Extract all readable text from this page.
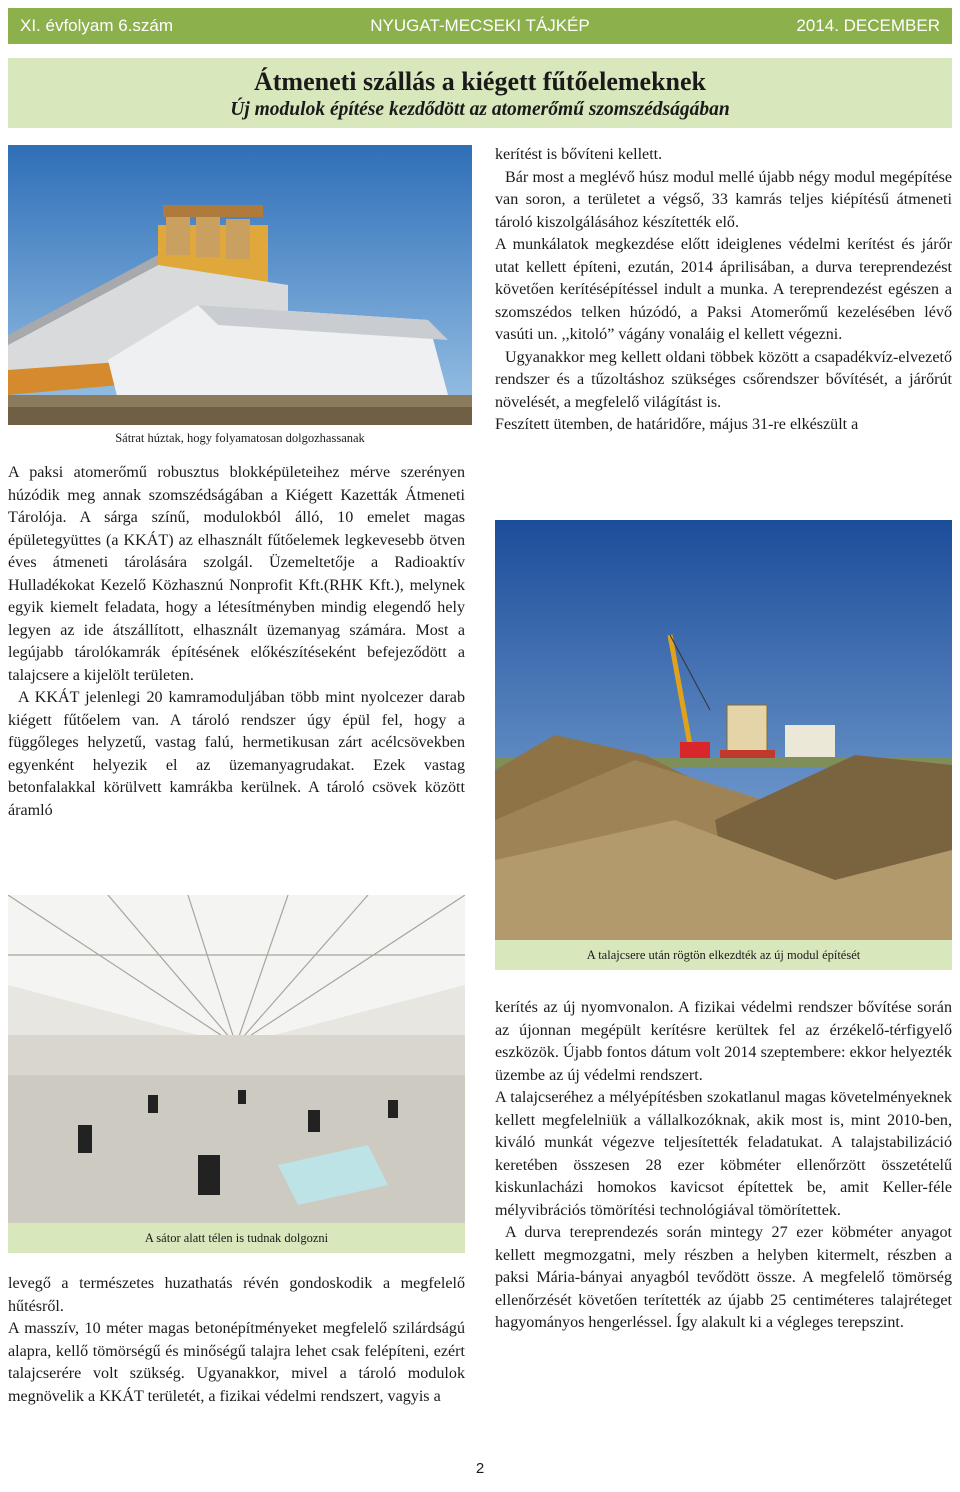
NYUGAT-MECSEKI TÁJKÉP
XI. évfolyam 6.szám	2014. DECEMBER
Átmeneti szállás a kiégett fűtőelemeknek
Új modulok építése kezdődött az atomerőmű szomszédságában
Sátrat húztak, hogy folyamatosan dolgozhassanak

A paksi atomerőmű robusztus blokképületeihez mérve szerényen húzódik meg annak szomszédságában a Kiégett Kazetták Átmeneti Tárolója. A sárga színű, modulokból álló, 10 emelet magas épületegyüttes (a KKÁT) az elhasznált fűtőelemek legkevesebb ötven éves átmeneti tárolására szolgál. Üzemeltetője a Radioaktív Hulladékokat Kezelő Közhasznú Nonprofit Kft.(RHK Kft.), melynek egyik kiemelt feladata, hogy a létesítményben mindig elegendő hely legyen az ide átszállított, elhasznált üzemanyag számára. Most a legújabb tárolókamrák építésének előkészítéseként befejeződött a talajcsere a kijelölt területen.

A KKÁT jelenlegi 20 kamramoduljában több mint nyolcezer darab kiégett fűtőelem van. A tároló rendszer úgy épül fel, hogy a függőleges helyzetű, vastag falú, hermetikusan zárt acélcsövekben egyenként helyezik el az üzemanyagrudakat. Ezek vastag betonfalakkal körülvett kamrákba kerülnek. A tároló csövek között áramló

kerítést is bővíteni kellett.

Bár most a meglévő húsz modul mellé újabb négy modul megépítése van soron, a területet a végső, 33 kamrás teljes kiépítésű átmeneti tároló kiszolgálásához készítették elő.

A munkálatok megkezdése előtt ideiglenes védelmi kerítést és járőr utat kellett építeni, ezután, 2014 áprilisában, a durva tereprendezést követően kerítésépítéssel indult a munka. A tereprendezést egészen a szomszédos telken húzódó, a Paksi Atomerőmű kezelésében lévő vasúti un. ,,kitoló” vágány vonaláig el kellett végezni.

Ugyanakkor meg kellett oldani többek között a csapadékvíz-elvezető rendszer és a tűzoltáshoz szükséges csőrendszer bővítését, a járőrút növelését, a megfelelő világítást is.

Feszített ütemben, de határidőre, május 31-re elkészült a

A talajcsere után rögtön elkezdték az új modul építését
A sátor alatt télen is tudnak dolgozni

levegő a természetes huzathatás révén gondoskodik a megfelelő hűtésről.

A masszív, 10 méter magas betonépítményeket megfelelő szilárdságú alapra, kellő tömörségű és minőségű talajra lehet csak felépíteni, ezért talajcserére volt szükség. Ugyanakkor, mivel a tároló modulok megnövelik a KKÁT területét, a fizikai védelmi rendszert, vagyis a

kerítés az új nyomvonalon. A fizikai védelmi rendszer bővítése során az újonnan megépült kerítésre kerültek fel az érzékelő-térfigyelő eszközök. Újabb fontos dátum volt 2014 szeptembere: ekkor helyezték üzembe az új védelmi rendszert.

A talajcseréhez a mélyépítésben szokatlanul magas követelményeknek kellett megfelelniük a vállalkozóknak, akik most is, mint 2010-ben, kiváló munkát végezve teljesítették feladatukat. A talajstabilizáció keretében összesen 28 ezer köbméter ellenőrzött összetételű kiskunlacházi homokos kavicsot építettek be, amit Keller-féle mélyvibrációs tömörítési technológiával tömörítettek.

A durva tereprendezés során mintegy 27 ezer köbméter anyagot kellett megmozgatni, mely részben a helyben kitermelt, részben a paksi Mária-bányai anyagból tevődött össze. A megfelelő tömörség ellenőrzését követően terítették az újabb 25 centiméteres talajréteget hagyományos hengerléssel. Így alakult ki a végleges terepszint.

2
